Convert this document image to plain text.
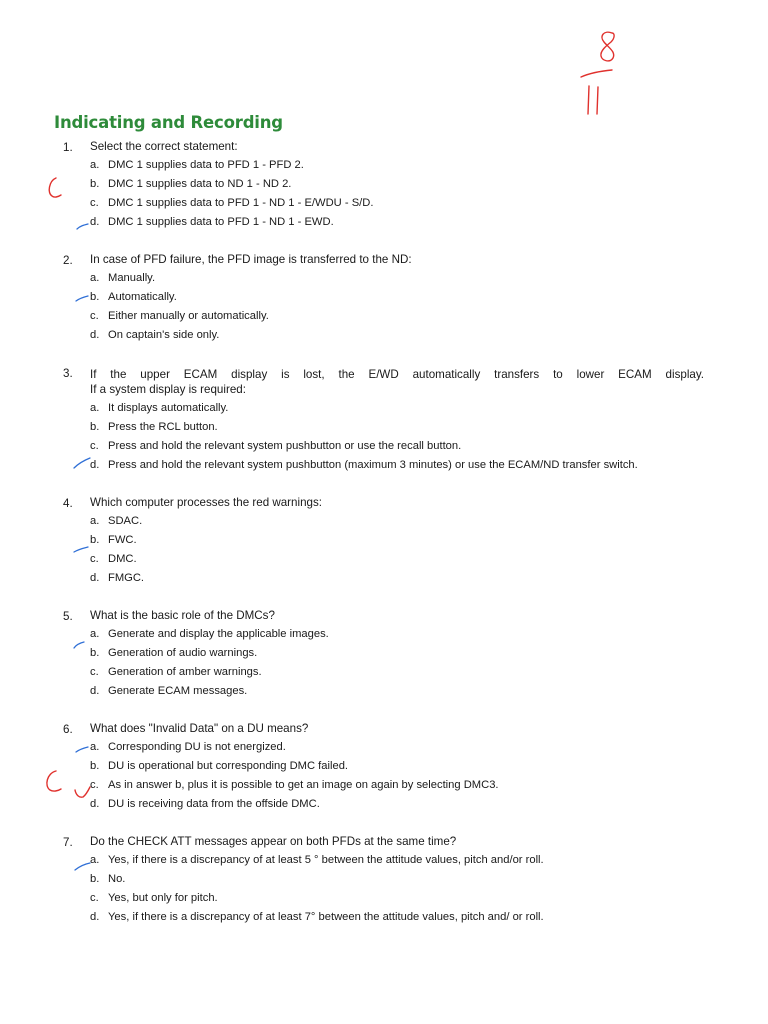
Indicating and Recording
1. Select the correct statement:
a. DMC 1 supplies data to PFD 1 - PFD 2.
b. DMC 1 supplies data to ND 1 - ND 2.
c. DMC 1 supplies data to PFD 1 - ND 1 - E/WDU - S/D.
d. DMC 1 supplies data to PFD 1 - ND 1 - EWD.
2. In case of PFD failure, the PFD image is transferred to the ND:
a. Manually.
b. Automatically.
c. Either manually or automatically.
d. On captain's side only.
3. If the upper ECAM display is lost, the E/WD automatically transfers to lower ECAM display.
If a system display is required:
a. It displays automatically.
b. Press the RCL button.
c. Press and hold the relevant system pushbutton or use the recall button.
d. Press and hold the relevant system pushbutton (maximum 3 minutes) or use the ECAM/ND transfer switch.
4. Which computer processes the red warnings:
a. SDAC.
b. FWC.
c. DMC.
d. FMGC.
5. What is the basic role of the DMCs?
a. Generate and display the applicable images.
b. Generation of audio warnings.
c. Generation of amber warnings.
d. Generate ECAM messages.
6. What does "Invalid Data" on a DU means?
a. Corresponding DU is not energized.
b. DU is operational but corresponding DMC failed.
c. As in answer b, plus it is possible to get an image on again by selecting DMC3.
d. DU is receiving data from the offside DMC.
7. Do the CHECK ATT messages appear on both PFDs at the same time?
a. Yes, if there is a discrepancy of at least 5 ° between the attitude values, pitch and/or roll.
b. No.
c. Yes, but only for pitch.
d. Yes, if there is a discrepancy of at least 7° between the attitude values, pitch and/ or roll.
